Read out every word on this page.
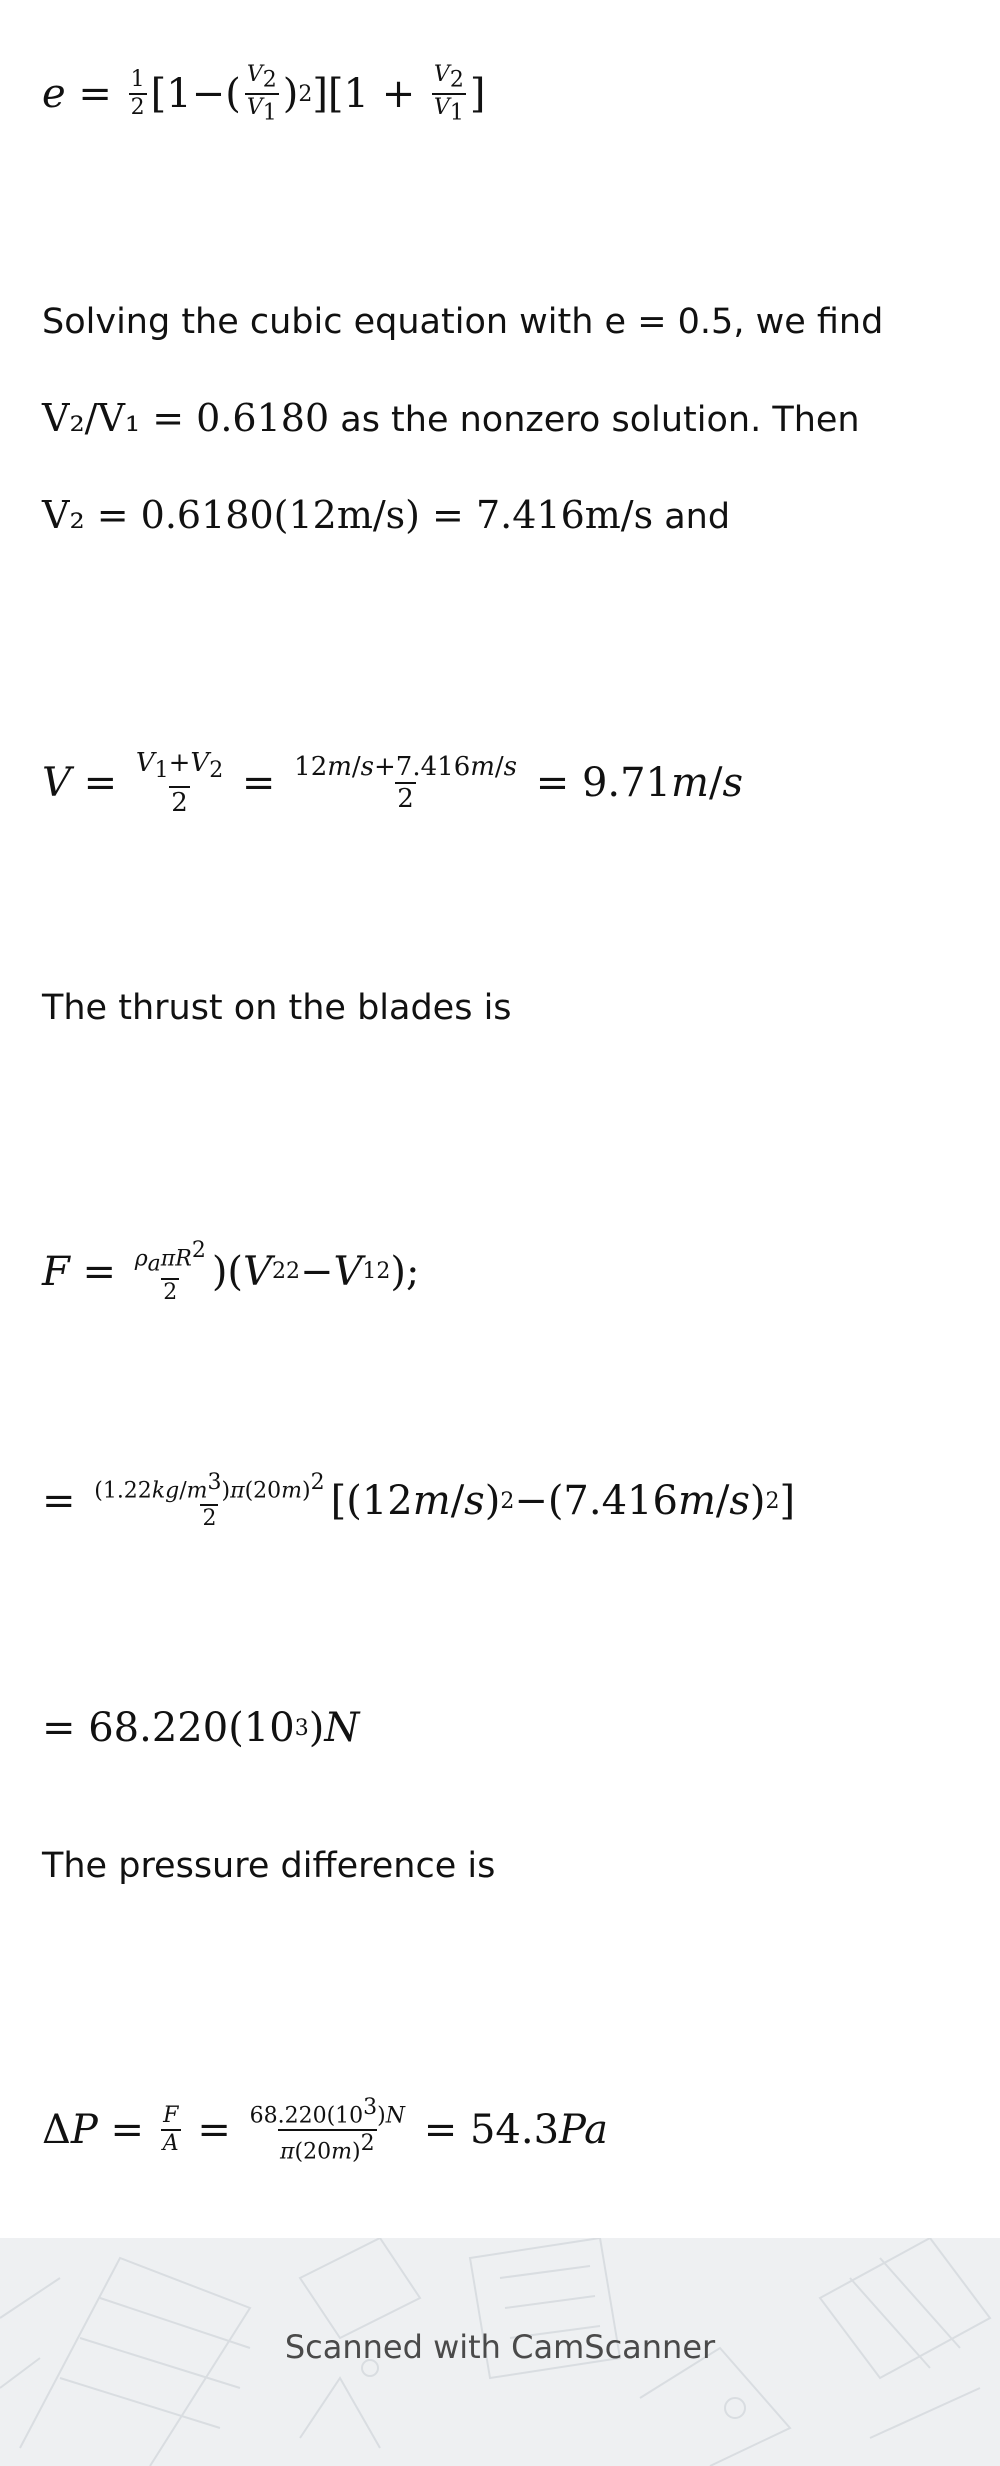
$e = \frac{1}{2} [1-( \frac{V_2}{V_1}$ ) 2 ][$1 + \frac{V_2}{V_1}$ ]
Solving the cubic equation with e = 0.5, we find
V₂/V₁ = 0.6180 as the nonzero solution. Then
V₂ = 0.6180(12m/s) = 7.416m/s and
$V = \frac{V_1+V_2}{2} = \frac{12m/s+7.416m/s}{2} = 9.71$ m / s
The thrust on the blades is
$F = \frac{\rho_a\pi R^2}{2}$ )( V 2 2 − V 1 2 );
= $\frac{(1.22kg/m^3)\pi(20m)^2}{2} [(12$ m / s ) 2 −(7.416 m / s ) 2 ]
= 68.220(10 3 ) N
The pressure difference is
Δ $P = \frac{F}{A} = \frac{68.220(10^3)N}{\pi(20m)^2} = 54.3$ Pa
Scanned with CamScanner
